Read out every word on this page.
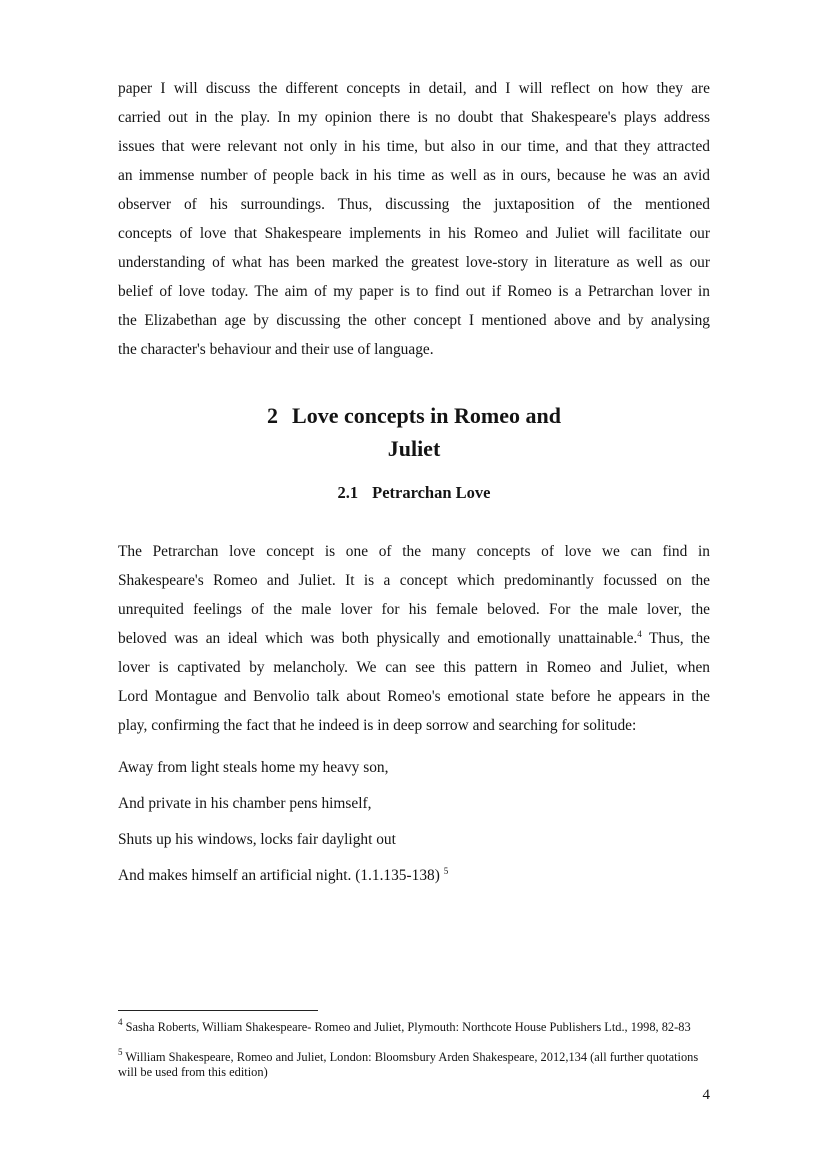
paper I will discuss the different concepts in detail, and I will reflect on how they are
carried out in the play. In my opinion there is no doubt that Shakespeare's plays address
issues that were relevant not only in his time, but also in our time, and that they attracted
an immense number of people back in his time as well as in ours, because he was an avid
observer of his surroundings. Thus, discussing the juxtaposition of the mentioned
concepts of love that Shakespeare implements in his Romeo and Juliet will facilitate our
understanding of what has been marked the greatest love-story in literature as well as our
belief of love today. The aim of my paper is to find out if Romeo is a Petrarchan lover in
the Elizabethan age by discussing the other concept I mentioned above and by analysing
the character's behaviour and their use of language.
2 Love concepts in Romeo and
Juliet
2.1 Petrarchan Love
The Petrarchan love concept is one of the many concepts of love we can find in
Shakespeare's Romeo and Juliet. It is a concept which predominantly focussed on the
unrequited feelings of the male lover for his female beloved. For the male lover, the
beloved was an ideal which was both physically and emotionally unattainable.$^4$ Thus, the
lover is captivated by melancholy. We can see this pattern in Romeo and Juliet, when
Lord Montague and Benvolio talk about Romeo's emotional state before he appears in the
play, confirming the fact that he indeed is in deep sorrow and searching for solitude:

Away from light steals home my heavy son,

And private in his chamber pens himself,

Shuts up his windows, locks fair daylight out

And makes himself an artificial night. (1.1.135-138) $^5$

$^4$ Sasha Roberts, William Shakespeare- Romeo and Juliet, Plymouth: Northcote House Publishers Ltd., 1998, 82-83

$^5$ William Shakespeare, Romeo and Juliet, London: Bloomsbury Arden Shakespeare, 2012,134 (all further quotations will be used from this edition)

4
